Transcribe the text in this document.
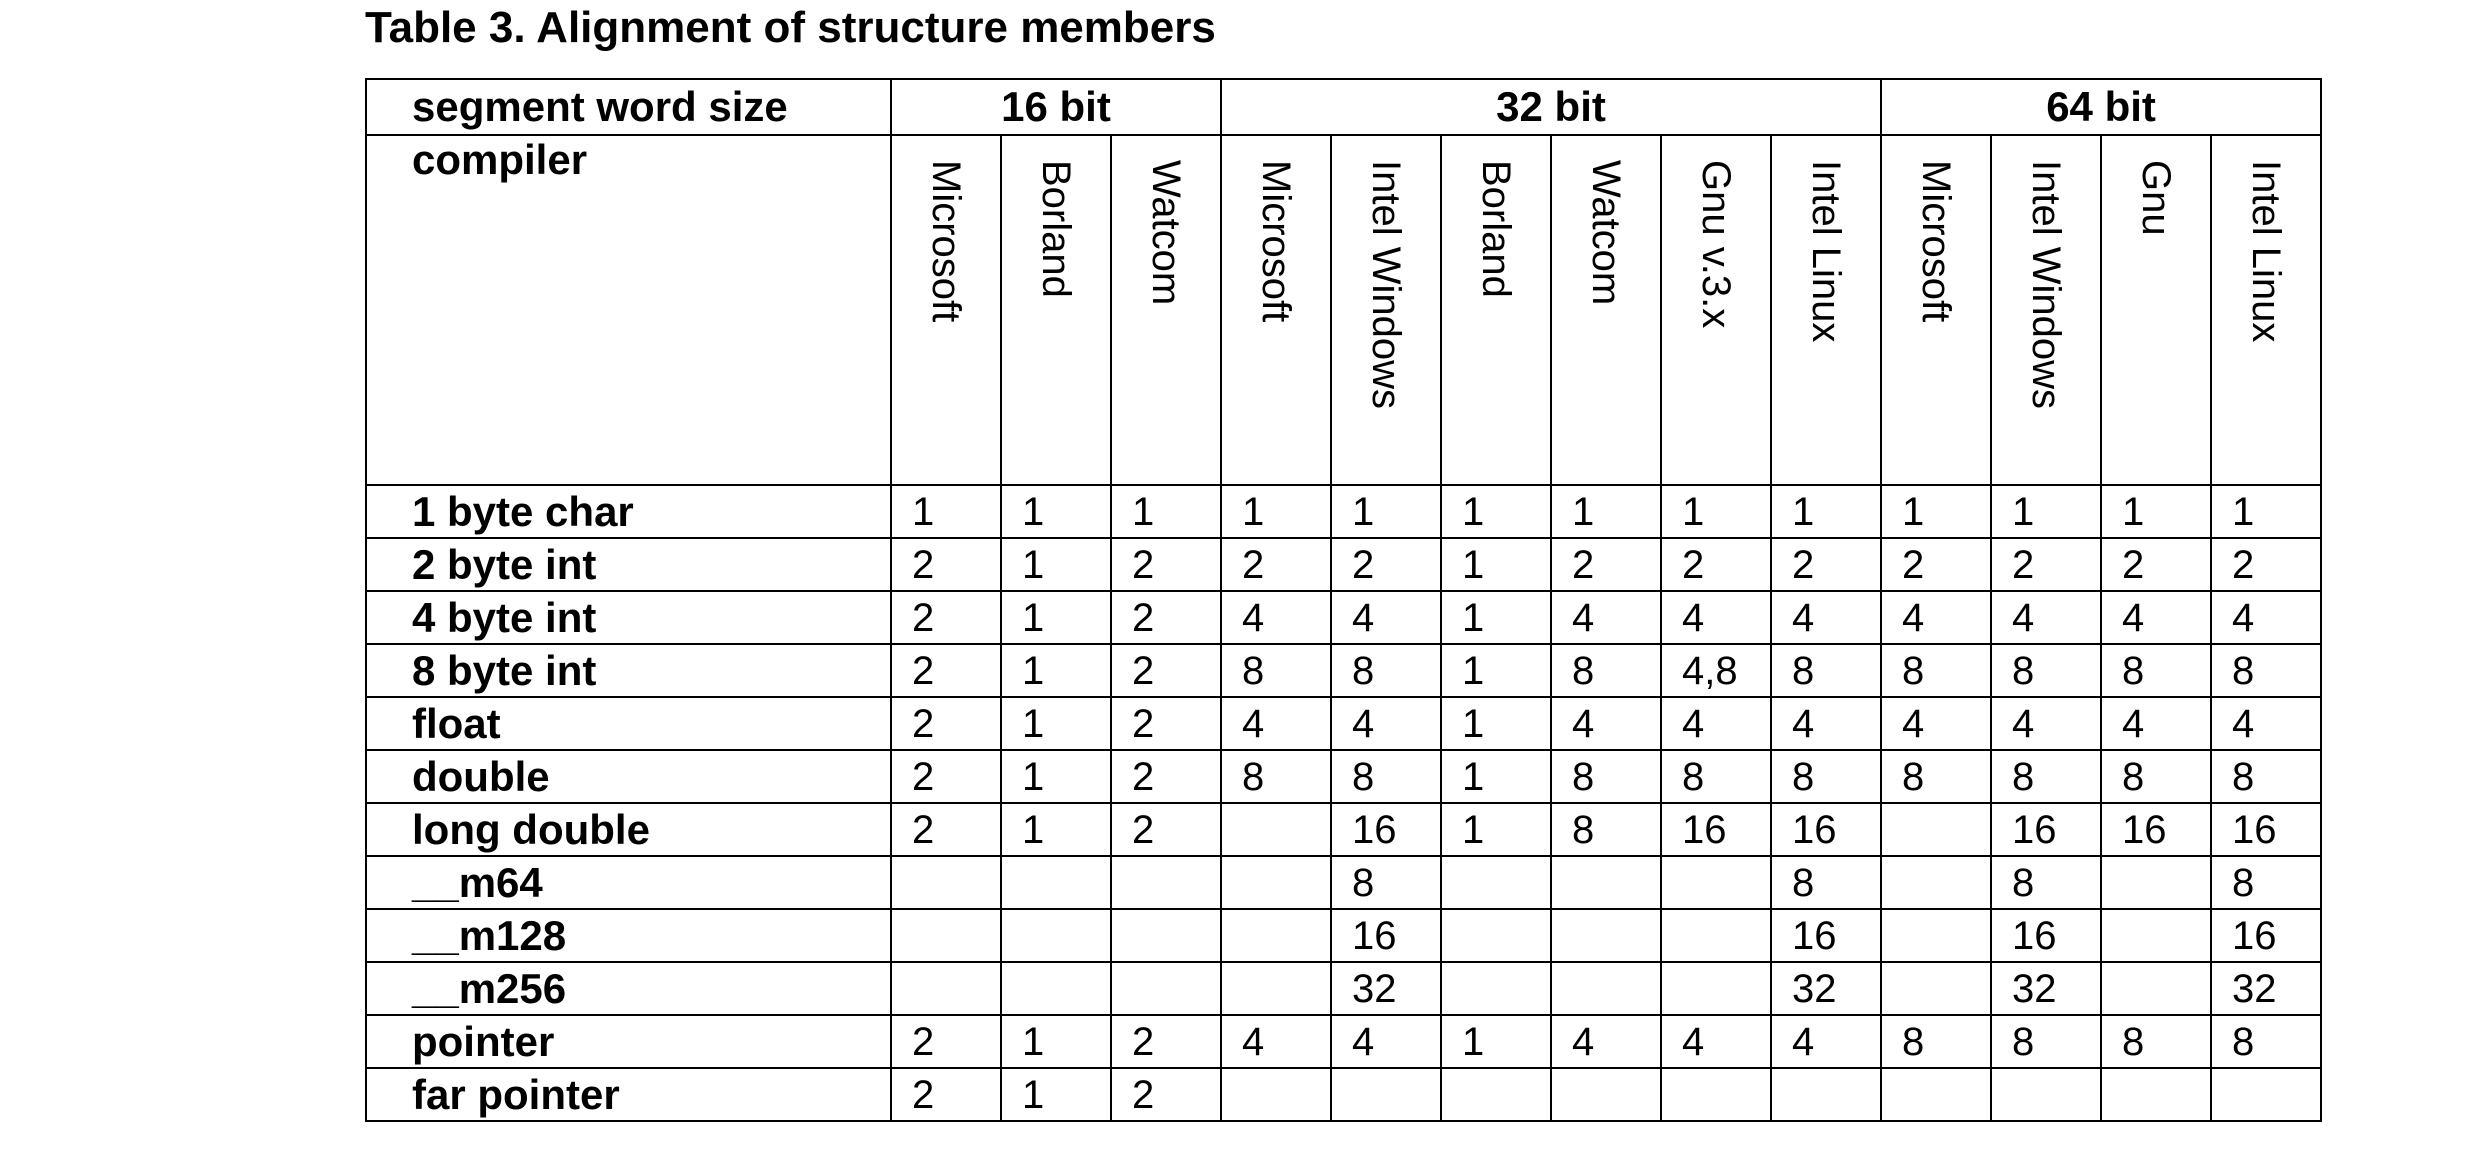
Table 3. Alignment of structure members
segment word size	16 bit			32 bit						64 bit			
compiler	Microsoft	Borland	Watcom	Microsoft	Intel Windows	Borland	Watcom	Gnu v.3.x	Intel Linux	Microsoft	Intel Windows	Gnu	Intel Linux

1 byte char	1	1	1	1	1	1	1	1	1	1	1	1	1
2 byte int	2	1	2	2	2	1	2	2	2	2	2	2	2
4 byte int	2	1	2	4	4	1	4	4	4	4	4	4	4
8 byte int	2	1	2	8	8	1	8	4,8	8	8	8	8	8
float	2	1	2	4	4	1	4	4	4	4	4	4	4
double	2	1	2	8	8	1	8	8	8	8	8	8	8
long double	2	1	2		16	1	8	16	16		16	16	16
__m64					8				8		8		8
__m128					16				16		16		16
__m256					32				32		32		32
pointer	2	1	2	4	4	1	4	4	4	8	8	8	8
far pointer	2	1	2										
